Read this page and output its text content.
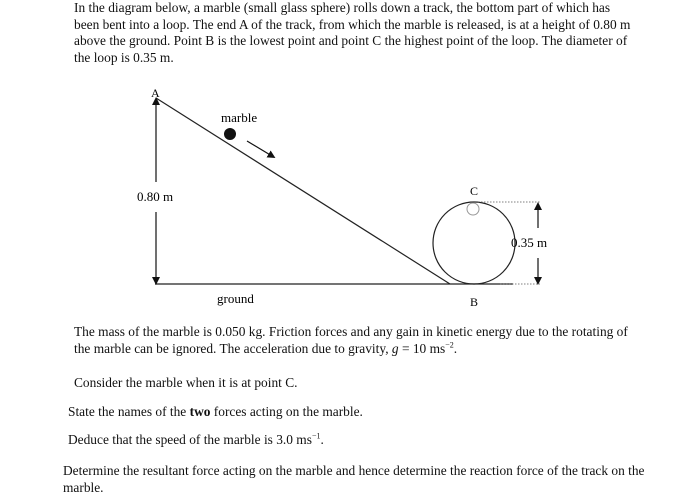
In the diagram below, a marble (small glass sphere) rolls down a track, the bottom part of which has been bent into a loop. The end A of the track, from which the marble is released, is at a height of 0.80 m above the ground. Point B is the lowest point and point C the highest point of the loop. The diameter of the loop is 0.35 m.

A
marble
C
0.80 m
0.35 m
ground	B

The mass of the marble is 0.050 kg. Friction forces and any gain in kinetic energy due to the rotating of the marble can be ignored. The acceleration due to gravity, g = 10 $ms^{-2}$.

Consider the marble when it is at point C.

State the names of the two forces acting on the marble.

Deduce that the speed of the marble is 3.0 $ms^{-1}$.

Determine the resultant force acting on the marble and hence determine the reaction force of the track on the marble.
